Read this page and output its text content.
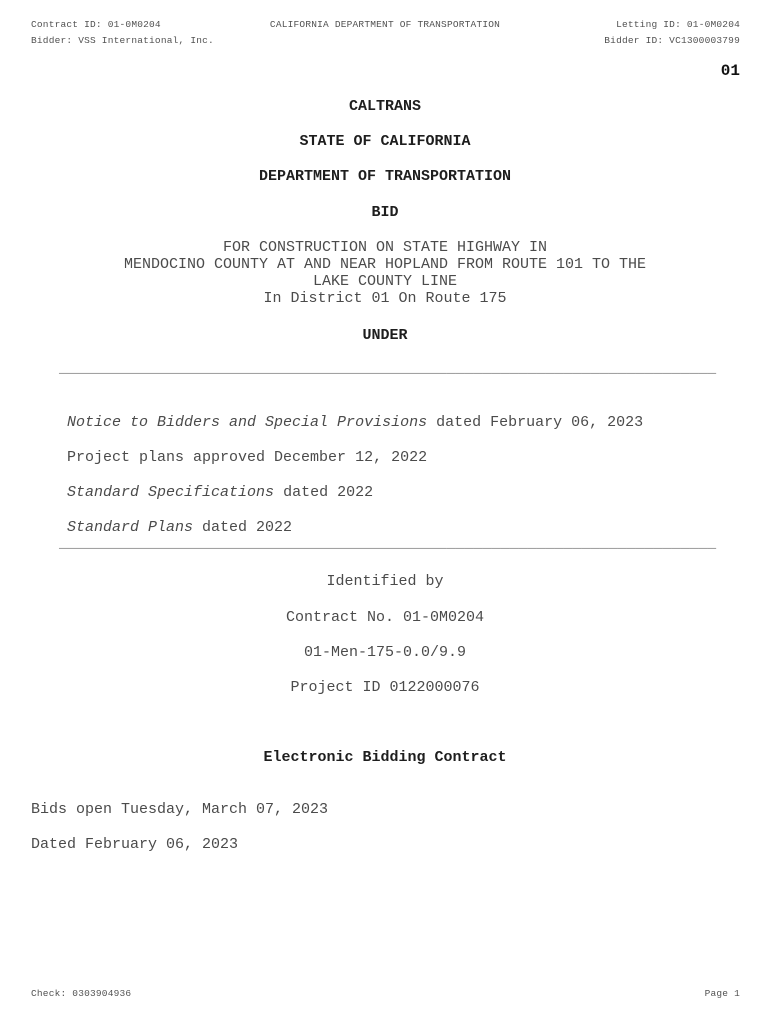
Contract ID: 01-0M0204
Bidder: VSS International, Inc.
CALIFORNIA DEPARTMENT OF TRANSPORTATION	Letting ID: 01-0M0204
Bidder ID: VC1300003799
01
CALTRANS
STATE OF CALIFORNIA
DEPARTMENT OF TRANSPORTATION
BID
FOR CONSTRUCTION ON STATE HIGHWAY IN
MENDOCINO COUNTY AT AND NEAR HOPLAND FROM ROUTE 101 TO THE
LAKE COUNTY LINE
In District 01 On Route 175
UNDER
_________________________________________________________________________

Notice to Bidders and Special Provisions dated February 06, 2023

Project plans approved December 12, 2022

Standard Specifications dated 2022

Standard Plans dated 2022

_________________________________________________________________________
Identified by
Contract No. 01-0M0204
01-Men-175-0.0/9.9
Project ID 0122000076
Electronic Bidding Contract
Bids open Tuesday, March 07, 2023
Dated February 06, 2023
Check: 0303904936	Page 1
